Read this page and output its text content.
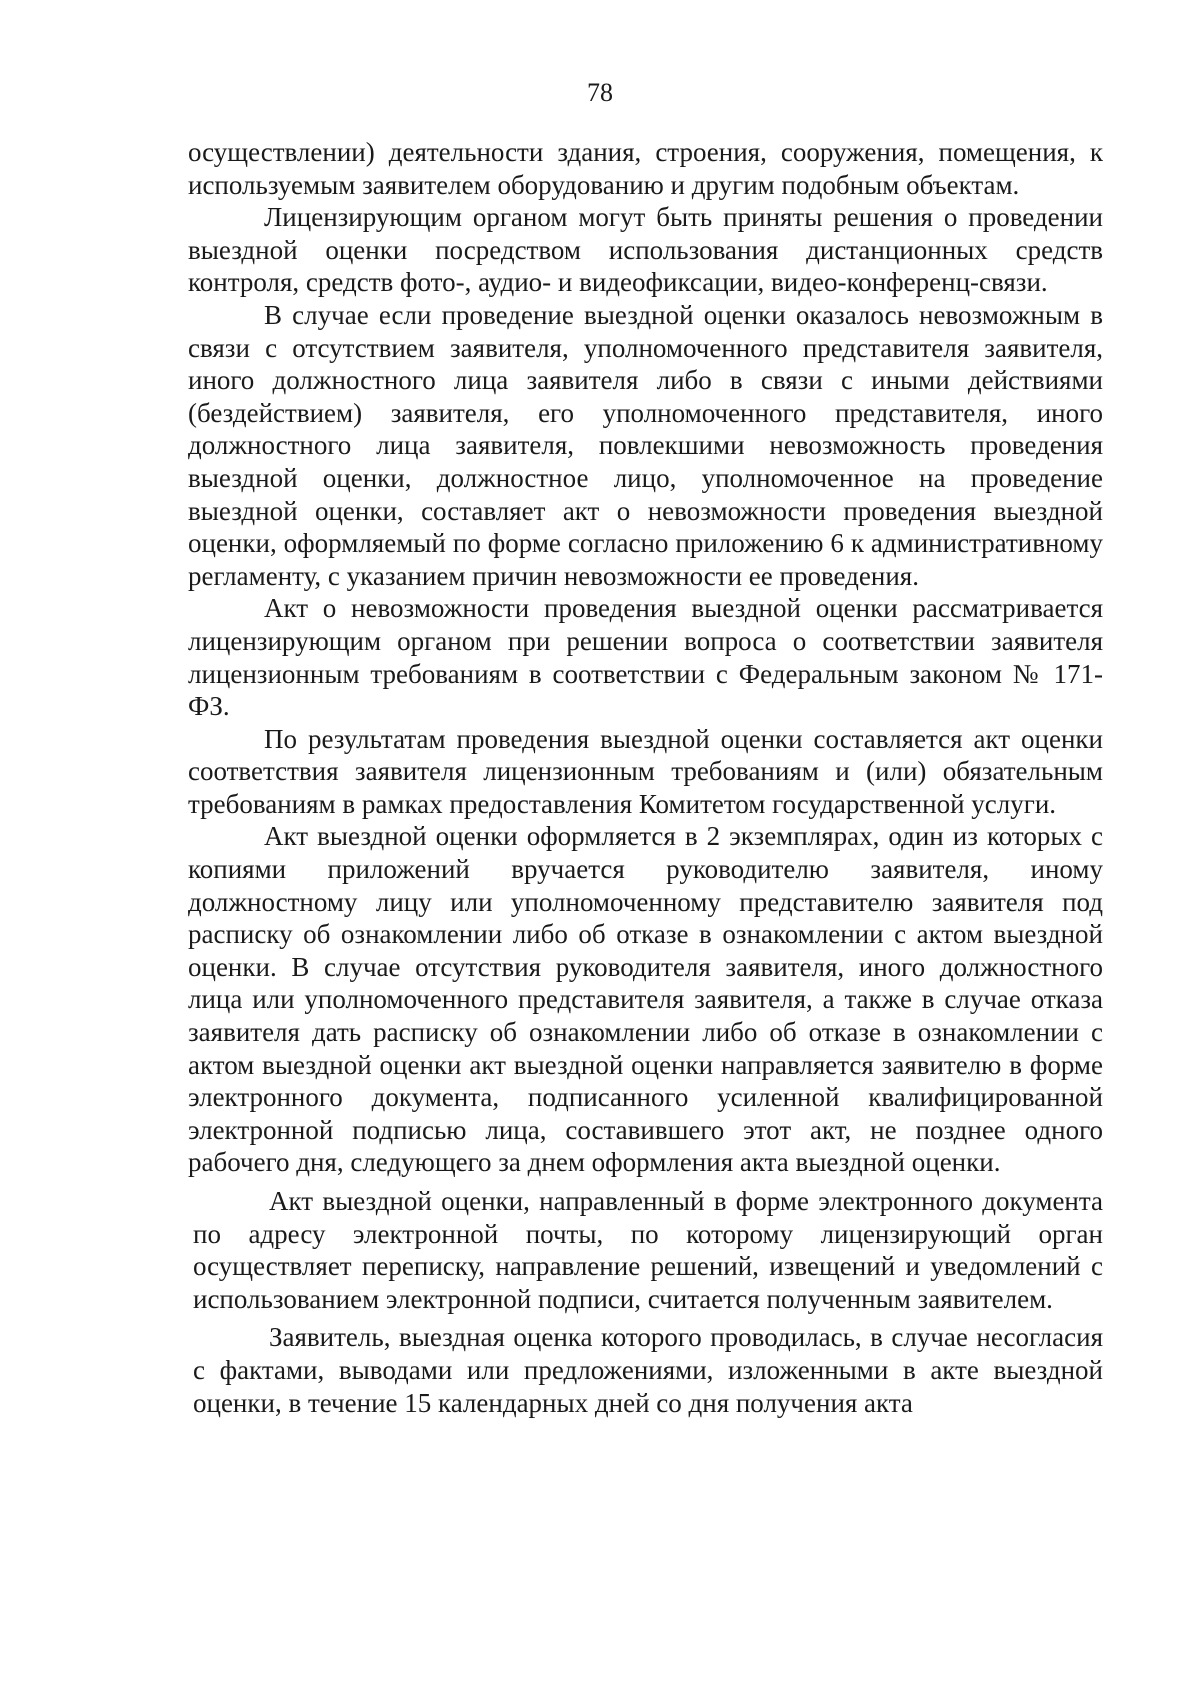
78

осуществлении) деятельности здания, строения, сооружения, помещения, к используемым заявителем оборудованию и другим подобным объектам.

Лицензирующим органом могут быть приняты решения о проведении выездной оценки посредством использования дистанционных средств контроля, средств фото-, аудио- и видеофиксации, видео-конференц-связи.

В случае если проведение выездной оценки оказалось невозможным в связи с отсутствием заявителя, уполномоченного представителя заявителя, иного должностного лица заявителя либо в связи с иными действиями (бездействием) заявителя, его уполномоченного представителя, иного должностного лица заявителя, повлекшими невозможность проведения выездной оценки, должностное лицо, уполномоченное на проведение выездной оценки, составляет акт о невозможности проведения выездной оценки, оформляемый по форме согласно приложению 6 к административному регламенту, с указанием причин невозможности ее проведения.

Акт о невозможности проведения выездной оценки рассматривается лицензирующим органом при решении вопроса о соответствии заявителя лицензионным требованиям в соответствии с Федеральным законом № 171-ФЗ.

По результатам проведения выездной оценки составляется акт оценки соответствия заявителя лицензионным требованиям и (или) обязательным требованиям в рамках предоставления Комитетом государственной услуги.

Акт выездной оценки оформляется в 2 экземплярах, один из которых с копиями приложений вручается руководителю заявителя, иному должностному лицу или уполномоченному представителю заявителя под расписку об ознакомлении либо об отказе в ознакомлении с актом выездной оценки. В случае отсутствия руководителя заявителя, иного должностного лица или уполномоченного представителя заявителя, а также в случае отказа заявителя дать расписку об ознакомлении либо об отказе в ознакомлении с актом выездной оценки акт выездной оценки направляется заявителю в форме электронного документа, подписанного усиленной квалифицированной электронной подписью лица, составившего этот акт, не позднее одного рабочего дня, следующего за днем оформления акта выездной оценки.

Акт выездной оценки, направленный в форме электронного документа по адресу электронной почты, по которому лицензирующий орган осуществляет переписку, направление решений, извещений и уведомлений с использованием электронной подписи, считается полученным заявителем.

Заявитель, выездная оценка которого проводилась, в случае несогласия с фактами, выводами или предложениями, изложенными в акте выездной оценки, в течение 15 календарных дней со дня получения акта
